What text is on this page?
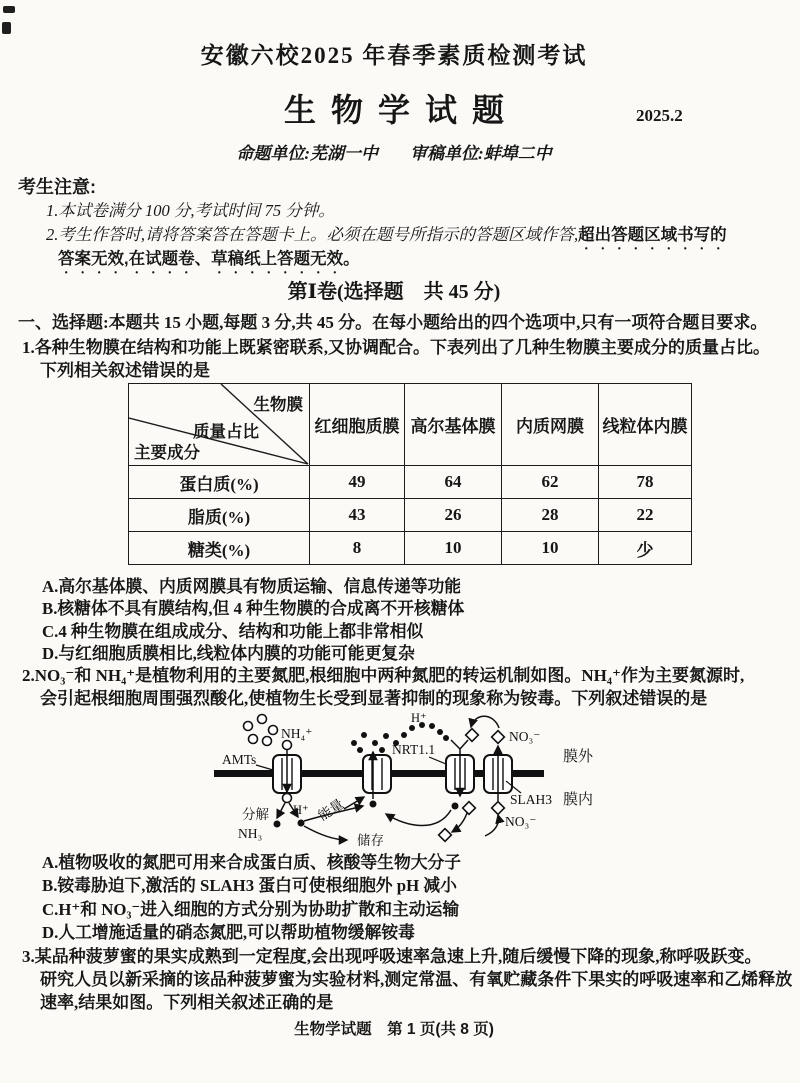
安徽六校2025 年春季素质检测考试
生物学试题	2025.2
命题单位:芜湖一中 审稿单位:蚌埠二中
考生注意:
1.本试卷满分 100 分,考试时间 75 分钟。
2.考生作答时,请将答案答在答题卡上。必须在题号所指示的答题区域作答,超出答题区域书写的
答案无效,在试题卷、草稿纸上答题无效。
第Ⅰ卷(选择题　共 45 分)
一、选择题:本题共 15 小题,每题 3 分,共 45 分。在每小题给出的四个选项中,只有一项符合题目要求。
1.各种生物膜在结构和功能上既紧密联系,又协调配合。下表列出了几种生物膜主要成分的质量占比。
下列相关叙述错误的是
生物膜
质量占比
主要成分	红细胞质膜	高尔基体膜	内质网膜	线粒体内膜
蛋白质(%)	49	64	62	78
脂质(%)	43	26	28	22
糖类(%)	8	10	10	少
A.高尔基体膜、内质网膜具有物质运输、信息传递等功能
B.核糖体不具有膜结构,但 4 种生物膜的合成离不开核糖体
C.4 种生物膜在组成成分、结构和功能上都非常相似
D.与红细胞质膜相比,线粒体内膜的功能可能更复杂
2.NO₃⁻和 NH₄⁺是植物利用的主要氮肥,根细胞中两种氮肥的转运机制如图。NH₄⁺作为主要氮源时,
会引起根细胞周围强烈酸化,使植物生长受到显著抑制的现象称为铵毒。下列叙述错误的是
NH₄⁺
AMTs
H⁺
NRT1.1
NO₃⁻
膜外
SLAH3 膜内
分解
NH₃
H⁺ 能量
储存
NO₃⁻
A.植物吸收的氮肥可用来合成蛋白质、核酸等生物大分子
B.铵毒胁迫下,激活的 SLAH3 蛋白可使根细胞外 pH 减小
C.H⁺和 NO₃⁻进入细胞的方式分别为协助扩散和主动运输
D.人工增施适量的硝态氮肥,可以帮助植物缓解铵毒
3.某品种菠萝蜜的果实成熟到一定程度,会出现呼吸速率急速上升,随后缓慢下降的现象,称呼吸跃变。
研究人员以新采摘的该品种菠萝蜜为实验材料,测定常温、有氧贮藏条件下果实的呼吸速率和乙烯释放
速率,结果如图。下列相关叙述正确的是
生物学试题　第 1 页(共 8 页)
